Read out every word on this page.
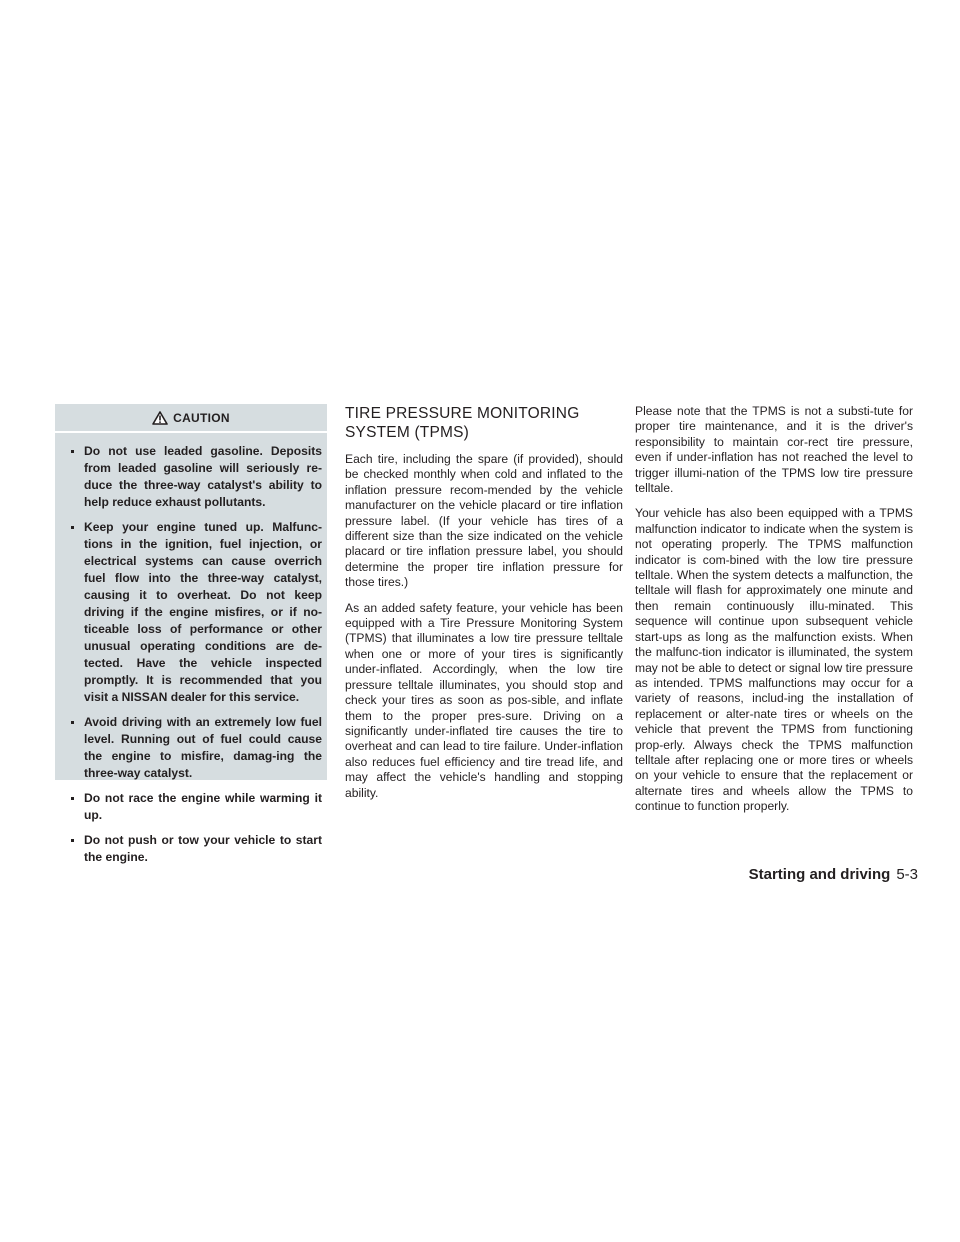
CAUTION
Do not use leaded gasoline. Deposits from leaded gasoline will seriously re-duce the three-way catalyst's ability to help reduce exhaust pollutants.
Keep your engine tuned up. Malfunc-tions in the ignition, fuel injection, or electrical systems can cause overrich fuel flow into the three-way catalyst, causing it to overheat. Do not keep driving if the engine misfires, or if no-ticeable loss of performance or other unusual operating conditions are de-tected. Have the vehicle inspected promptly. It is recommended that you visit a NISSAN dealer for this service.
Avoid driving with an extremely low fuel level. Running out of fuel could cause the engine to misfire, damag-ing the three-way catalyst.
Do not race the engine while warming it up.
Do not push or tow your vehicle to start the engine.
TIRE PRESSURE MONITORING SYSTEM (TPMS)

Each tire, including the spare (if provided), should be checked monthly when cold and inflated to the inflation pressure recom-mended by the vehicle manufacturer on the vehicle placard or tire inflation pressure label. (If your vehicle has tires of a different size than the size indicated on the vehicle placard or tire inflation pressure label, you should determine the proper tire inflation pressure for those tires.)

As an added safety feature, your vehicle has been equipped with a Tire Pressure Monitoring System (TPMS) that illuminates a low tire pressure telltale when one or more of your tires is significantly under-inflated. Accordingly, when the low tire pressure telltale illuminates, you should stop and check your tires as soon as pos-sible, and inflate them to the proper pres-sure. Driving on a significantly under-inflated tire causes the tire to overheat and can lead to tire failure. Under-inflation also reduces fuel efficiency and tire tread life, and may affect the vehicle's handling and stopping ability.

Please note that the TPMS is not a substi-tute for proper tire maintenance, and it is the driver's responsibility to maintain cor-rect tire pressure, even if under-inflation has not reached the level to trigger illumi-nation of the TPMS low tire pressure telltale.

Your vehicle has also been equipped with a TPMS malfunction indicator to indicate when the system is not operating properly. The TPMS malfunction indicator is com-bined with the low tire pressure telltale. When the system detects a malfunction, the telltale will flash for approximately one minute and then remain continuously illu-minated. This sequence will continue upon subsequent vehicle start-ups as long as the malfunction exists. When the malfunc-tion indicator is illuminated, the system may not be able to detect or signal low tire pressure as intended. TPMS malfunctions may occur for a variety of reasons, includ-ing the installation of replacement or alter-nate tires or wheels on the vehicle that prevent the TPMS from functioning prop-erly. Always check the TPMS malfunction telltale after replacing one or more tires or wheels on your vehicle to ensure that the replacement or alternate tires and wheels allow the TPMS to continue to function properly.

Starting and driving 5-3
